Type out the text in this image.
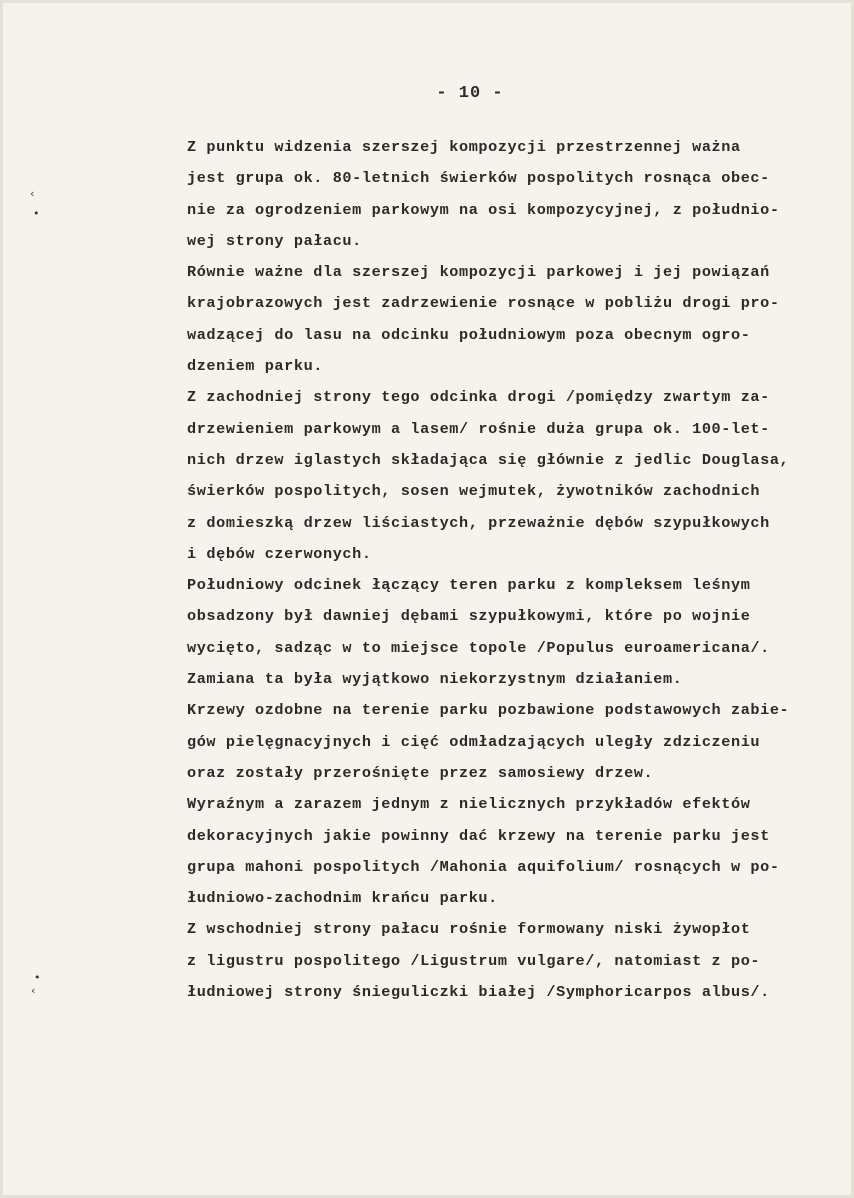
‹
•
•
‹
- 10 -
Z punktu widzenia szerszej kompozycji przestrzennej ważna
jest grupa ok. 80-letnich świerków pospolitych rosnąca obec-
nie za ogrodzeniem parkowym na osi kompozycyjnej, z południo-
wej strony pałacu.
Równie ważne dla szerszej kompozycji parkowej i jej powiązań
krajobrazowych jest zadrzewienie rosnące w pobliżu drogi pro-
wadzącej do lasu na odcinku południowym poza obecnym ogro-
dzeniem parku.
Z zachodniej strony tego odcinka drogi /pomiędzy zwartym za-
drzewieniem parkowym a lasem/ rośnie duża grupa ok. 100-let-
nich drzew iglastych składająca się głównie z jedlic Douglasa,
świerków pospolitych, sosen wejmutek, żywotników zachodnich
z domieszką drzew liściastych, przeważnie dębów szypułkowych
i dębów czerwonych.
Południowy odcinek łączący teren parku z kompleksem leśnym
obsadzony był dawniej dębami szypułkowymi, które po wojnie
wycięto, sadząc w to miejsce topole /Populus euroamericana/.
Zamiana ta była wyjątkowo niekorzystnym działaniem.
Krzewy ozdobne na terenie parku pozbawione podstawowych zabie-
gów pielęgnacyjnych i cięć odmładzających uległy zdziczeniu
oraz zostały przerośnięte przez samosiewy drzew.
Wyraźnym a zarazem jednym z nielicznych przykładów efektów
dekoracyjnych jakie powinny dać krzewy na terenie parku jest
grupa mahoni pospolitych /Mahonia aquifolium/ rosnących w po-
łudniowo-zachodnim krańcu parku.
Z wschodniej strony pałacu rośnie formowany niski żywopłot
z ligustru pospolitego /Ligustrum vulgare/, natomiast z po-
łudniowej strony śnieguliczki białej /Symphoricarpos albus/.
